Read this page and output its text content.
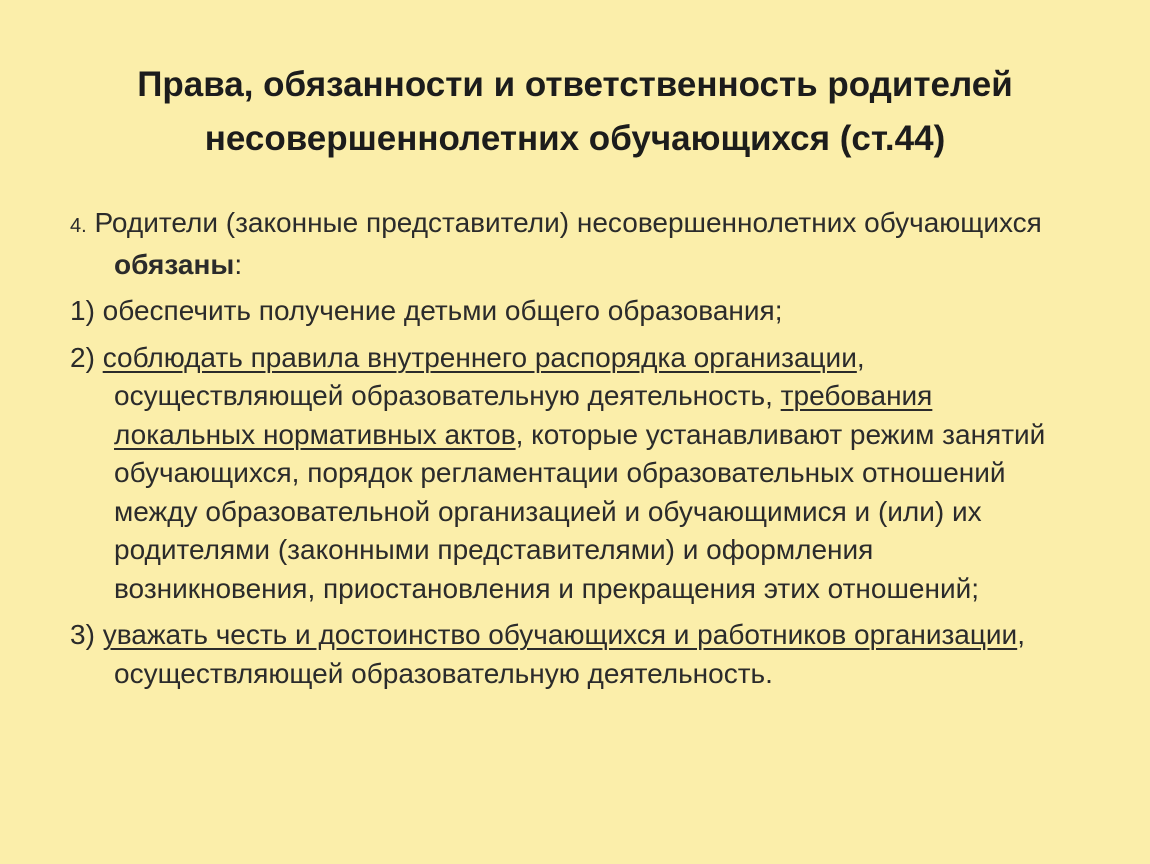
Права, обязанности и ответственность родителей
несовершеннолетних обучающихся (ст.44)

4. Родители (законные представители) несовершеннолетних обучающихся обязаны:

1) обеспечить получение детьми общего образования;

2) соблюдать правила внутреннего распорядка организации, осуществляющей образовательную деятельность, требования локальных нормативных актов, которые устанавливают режим занятий обучающихся, порядок регламентации образовательных отношений между образовательной организацией и обучающимися и (или) их родителями (законными представителями) и оформления возникновения, приостановления и прекращения этих отношений;

3) уважать честь и достоинство обучающихся и работников организации, осуществляющей образовательную деятельность.
